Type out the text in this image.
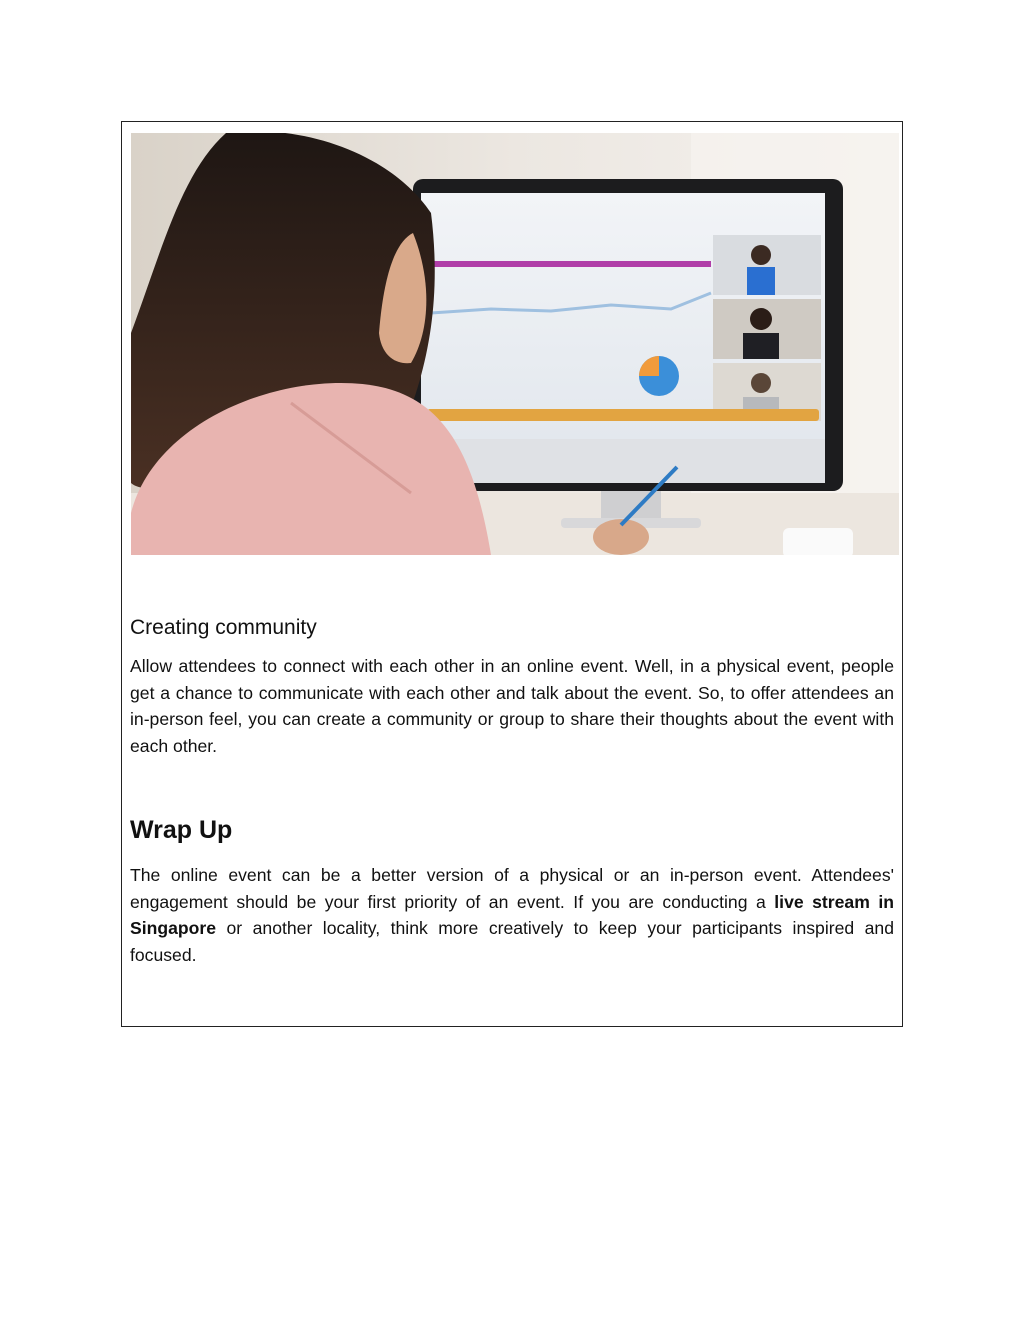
Creating community

Allow attendees to connect with each other in an online event. Well, in a physical event, people get a chance to communicate with each other and talk about the event. So, to offer attendees an in-person feel, you can create a community or group to share their thoughts about the event with each other.

Wrap Up

The online event can be a better version of a physical or an in-person event. Attendees' engagement should be your first priority of an event. If you are conducting a live stream in Singapore or another locality, think more creatively to keep your participants inspired and focused.
